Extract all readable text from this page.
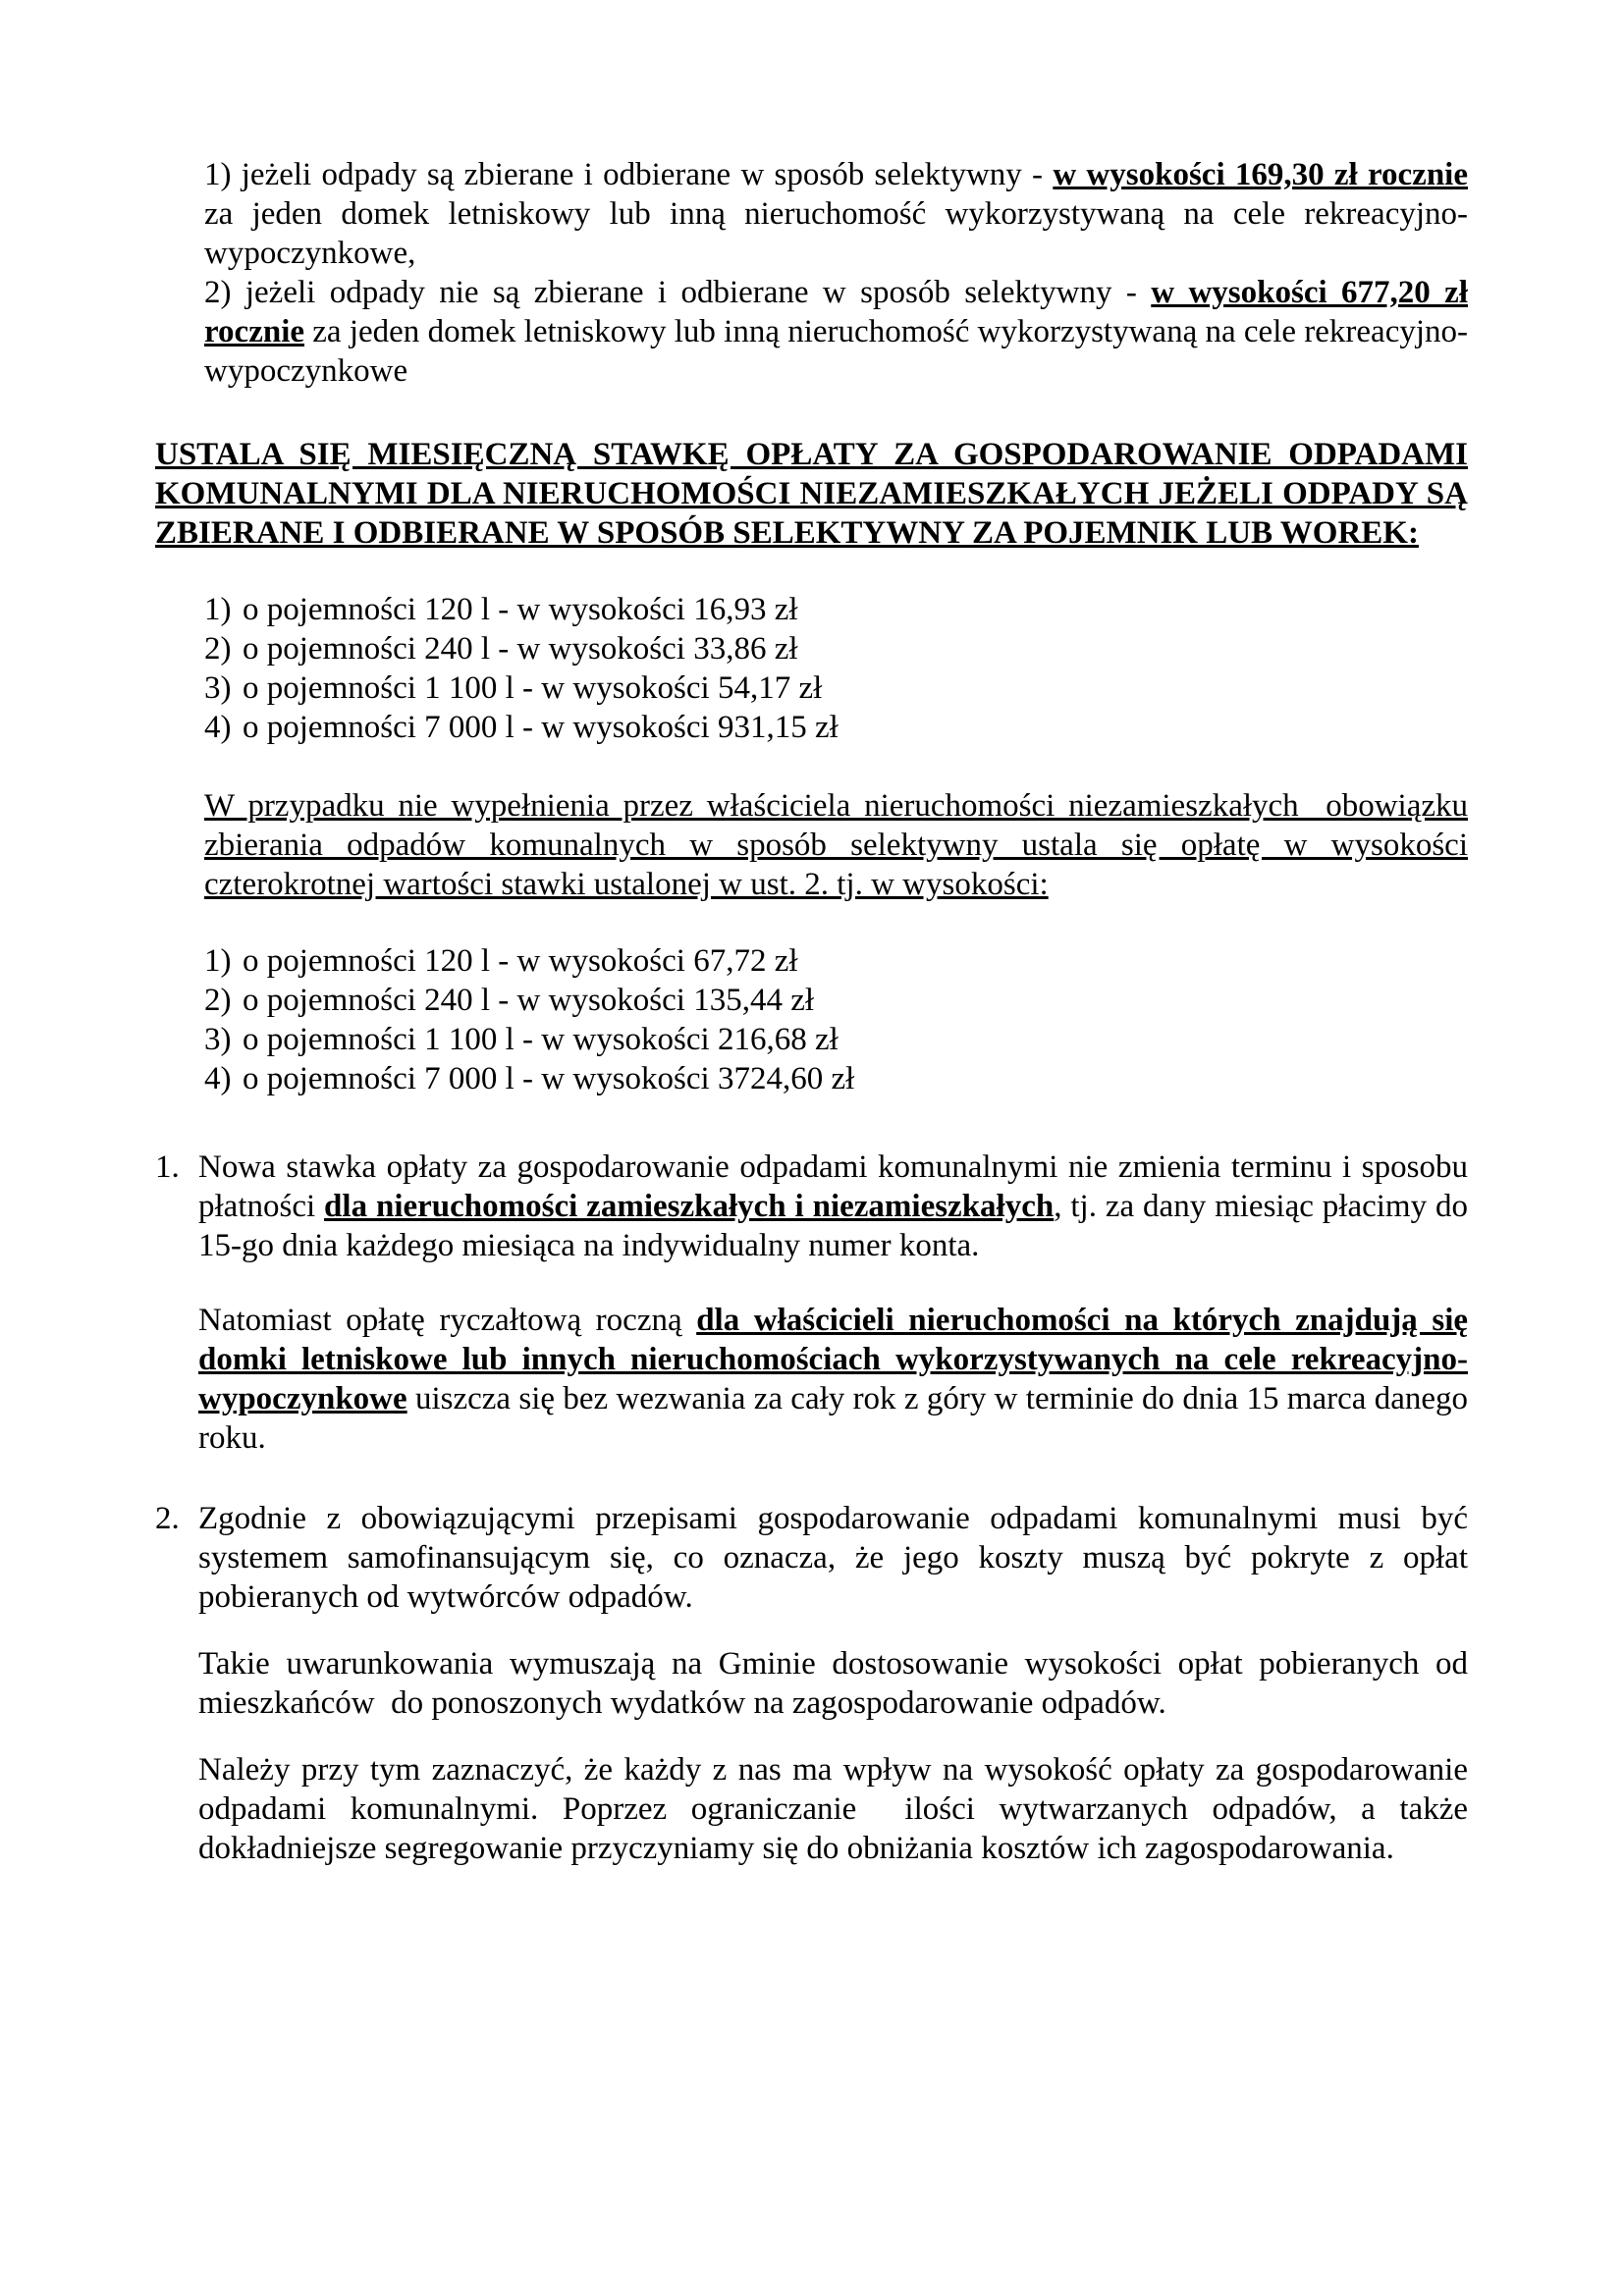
1) jeżeli odpady są zbierane i odbierane w sposób selektywny - w wysokości 169,30 zł rocznie za jeden domek letniskowy lub inną nieruchomość wykorzystywaną na cele rekreacyjno-wypoczynkowe,

2) jeżeli odpady nie są zbierane i odbierane w sposób selektywny - w wysokości 677,20 zł rocznie za jeden domek letniskowy lub inną nieruchomość wykorzystywaną na cele rekreacyjno-wypoczynkowe

USTALA SIĘ MIESIĘCZNĄ STAWKĘ OPŁATY ZA GOSPODAROWANIE ODPADAMI KOMUNALNYMI DLA NIERUCHOMOŚCI NIEZAMIESZKAŁYCH JEŻELI ODPADY SĄ ZBIERANE I ODBIERANE W SPOSÓB SELEKTYWNY ZA POJEMNIK LUB WOREK:

1) o pojemności 120 l - w wysokości 16,93 zł

2) o pojemności 240 l - w wysokości 33,86 zł

3) o pojemności 1 100 l - w wysokości 54,17 zł

4) o pojemności 7 000 l - w wysokości 931,15 zł

W przypadku nie wypełnienia przez właściciela nieruchomości niezamieszkałych  obowiązku zbierania odpadów komunalnych w sposób selektywny ustala się opłatę w wysokości czterokrotnej wartości stawki ustalonej w ust. 2. tj. w wysokości:

1) o pojemności 120 l - w wysokości 67,72 zł

2) o pojemności 240 l - w wysokości 135,44 zł

3) o pojemności 1 100 l - w wysokości 216,68 zł

4) o pojemności 7 000 l - w wysokości 3724,60 zł

1. Nowa stawka opłaty za gospodarowanie odpadami komunalnymi nie zmienia terminu i sposobu płatności dla nieruchomości zamieszkałych i niezamieszkałych, tj. za dany miesiąc płacimy do 15-go dnia każdego miesiąca na indywidualny numer konta.

Natomiast opłatę ryczałtową roczną dla właścicieli nieruchomości na których znajdują się domki letniskowe lub innych nieruchomościach wykorzystywanych na cele rekreacyjno-wypoczynkowe uiszcza się bez wezwania za cały rok z góry w terminie do dnia 15 marca danego roku.

2. Zgodnie z obowiązującymi przepisami gospodarowanie odpadami komunalnymi musi być systemem samofinansującym się, co oznacza, że jego koszty muszą być pokryte z opłat pobieranych od wytwórców odpadów.

Takie uwarunkowania wymuszają na Gminie dostosowanie wysokości opłat pobieranych od mieszkańców  do ponoszonych wydatków na zagospodarowanie odpadów.

Należy przy tym zaznaczyć, że każdy z nas ma wpływ na wysokość opłaty za gospodarowanie odpadami komunalnymi. Poprzez ograniczanie  ilości wytwarzanych odpadów, a także dokładniejsze segregowanie przyczyniamy się do obniżania kosztów ich zagospodarowania.
